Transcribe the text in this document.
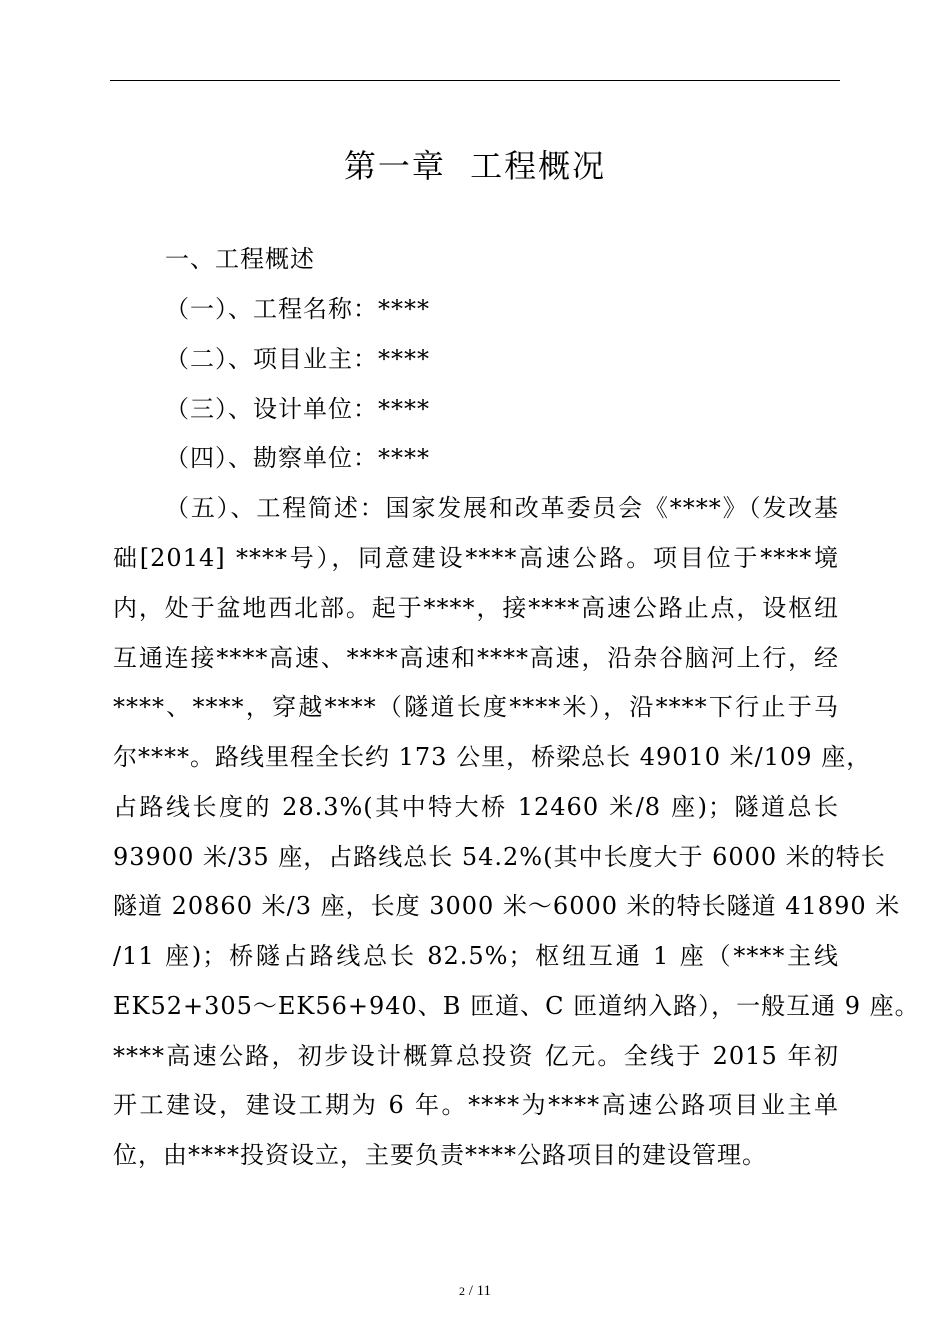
第一章  工程概况
一、工程概述
（一）、工程名称：****
（二）、项目业主：****
（三）、设计单位：****
（四）、勘察单位：****
（五）、工程简述：国家发展和改革委员会《****》（发改基
础[2014] ****号），同意建设****高速公路。项目位于****境
内，处于盆地西北部。起于****，接****高速公路止点，设枢纽
互通连接****高速、****高速和****高速，沿杂谷脑河上行，经
****、****，穿越****（隧道长度****米），沿****下行止于马
尔****。路线里程全长约 173 公里，桥梁总长 49010 米/109 座，
占路线长度的 28.3%(其中特大桥 12460 米/8 座)；隧道总长
93900 米/35 座，占路线总长 54.2%(其中长度大于 6000 米的特长
隧道 20860 米/3 座，长度 3000 米～6000 米的特长隧道 41890 米
/11 座)；桥隧占路线总长 82.5%；枢纽互通 1 座（****主线
EK52+305～EK56+940、B 匝道、C 匝道纳入路），一般互通 9 座。
****高速公路，初步设计概算总投资 亿元。全线于 2015 年初
开工建设，建设工期为 6 年。****为****高速公路项目业主单
位，由****投资设立，主要负责****公路项目的建设管理。
2 / 11
